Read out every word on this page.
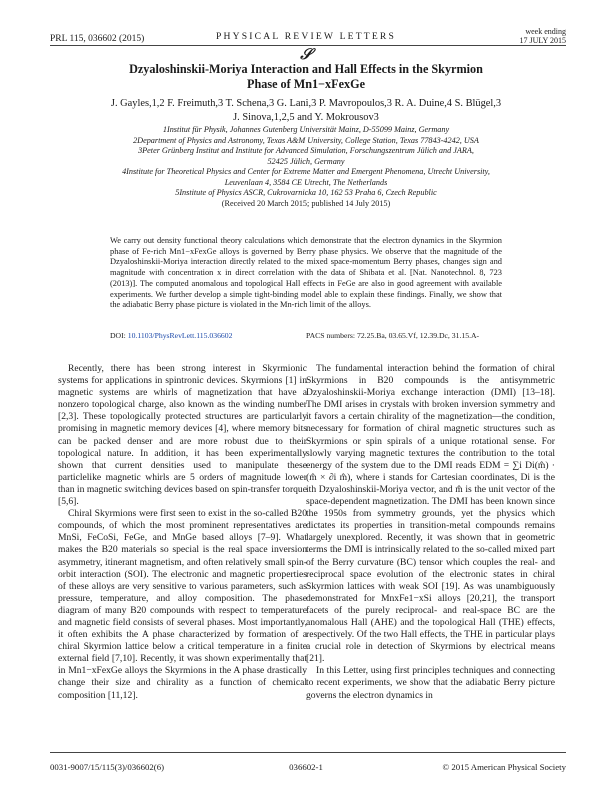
PRL 115, 036602 (2015)	PHYSICAL REVIEW LETTERS	week ending
17 JULY 2015
𝒮
Dzyaloshinskii-Moriya Interaction and Hall Effects in the Skyrmion
Phase of Mn1−xFexGe
J. Gayles,1,2 F. Freimuth,3 T. Schena,3 G. Lani,3 P. Mavropoulos,3 R. A. Duine,4 S. Blügel,3
J. Sinova,1,2,5 and Y. Mokrousov3

1Institut für Physik, Johannes Gutenberg Universität Mainz, D-55099 Mainz, Germany

2Department of Physics and Astronomy, Texas A&M University, College Station, Texas 77843-4242, USA

3Peter Grünberg Institut and Institute for Advanced Simulation, Forschungszentrum Jülich and JARA,

52425 Jülich, Germany

4Institute for Theoretical Physics and Center for Extreme Matter and Emergent Phenomena, Utrecht University,

Leuvenlaan 4, 3584 CE Utrecht, The Netherlands

5Institute of Physics ASCR, Cukrovarnicka 10, 162 53 Praha 6, Czech Republic

(Received 20 March 2015; published 14 July 2015)

We carry out density functional theory calculations which demonstrate that the electron dynamics in the Skyrmion phase of Fe-rich Mn1−xFexGe alloys is governed by Berry phase physics. We observe that the magnitude of the Dzyaloshinskii-Moriya interaction directly related to the mixed space-momentum Berry phases, changes sign and magnitude with concentration x in direct correlation with the data of Shibata et al. [Nat. Nanotechnol. 8, 723 (2013)]. The computed anomalous and topological Hall effects in FeGe are also in good agreement with available experiments. We further develop a simple tight-binding model able to explain these findings. Finally, we show that the adiabatic Berry phase picture is violated in the Mn-rich limit of the alloys.
DOI: 10.1103/PhysRevLett.115.036602	PACS numbers: 72.25.Ba, 03.65.Vf, 12.39.Dc, 31.15.A-

Recently, there has been strong interest in Skyrmionic systems for applications in spintronic devices. Skyrmions [1] in magnetic systems are whirls of magnetization that have a nonzero topological charge, also known as the winding number [2,3]. These topologically protected structures are particularly promising in magnetic memory devices [4], where memory bits can be packed denser and are more robust due to their topological nature. In addition, it has been experimentally shown that current densities used to manipulate these particlelike magnetic whirls are 5 orders of magnitude lower than in magnetic switching devices based on spin-transfer torque [5,6].

Chiral Skyrmions were first seen to exist in the so-called B20 compounds, of which the most prominent representatives are MnSi, FeCoSi, FeGe, and MnGe based alloys [7–9]. What makes the B20 materials so special is the real space inversion asymmetry, itinerant magnetism, and often relatively small spin-orbit interaction (SOI). The electronic and magnetic properties of these alloys are very sensitive to various parameters, such as pressure, temperature, and alloy composition. The phase diagram of many B20 compounds with respect to temperature and magnetic field consists of several phases. Most importantly, it often exhibits the A phase characterized by formation of a chiral Skyrmion lattice below a critical temperature in a finite external field [7,10]. Recently, it was shown experimentally that in Mn1−xFexGe alloys the Skyrmions in the A phase drastically change their size and chirality as a function of chemical composition [11,12].

The fundamental interaction behind the formation of chiral Skyrmions in B20 compounds is the antisymmetric Dzyaloshinskii-Moriya exchange interaction (DMI) [13–18]. The DMI arises in crystals with broken inversion symmetry and it favors a certain chirality of the magnetization—the condition, necessary for formation of chiral magnetic structures such as Skyrmions or spin spirals of a unique rotational sense. For slowly varying magnetic textures the contribution to the total energy of the system due to the DMI reads EDM = ∑i Di(m̂) · (m̂ × ∂i m̂), where i stands for Cartesian coordinates, Di is the ith Dzyaloshinskii-Moriya vector, and m̂ is the unit vector of the space-dependent magnetization. The DMI has been known since the 1950s from symmetry grounds, yet the physics which dictates its properties in transition-metal compounds remains largely unexplored. Recently, it was shown that in geometric terms the DMI is intrinsically related to the so-called mixed part of the Berry curvature (BC) tensor which couples the real- and reciprocal space evolution of the electronic states in chiral Skyrmion lattices with weak SOI [19]. As was unambiguously demonstrated for MnxFe1−xSi alloys [20,21], the transport facets of the purely reciprocal- and real-space BC are the anomalous Hall (AHE) and the topological Hall (THE) effects, respectively. Of the two Hall effects, the THE in particular plays a crucial role in detection of Skyrmions by electrical means [21].

In this Letter, using first principles techniques and connecting to recent experiments, we show that the adiabatic Berry picture governs the electron dynamics in

0031-9007/15/115(3)/036602(6)	036602-1	© 2015 American Physical Society
